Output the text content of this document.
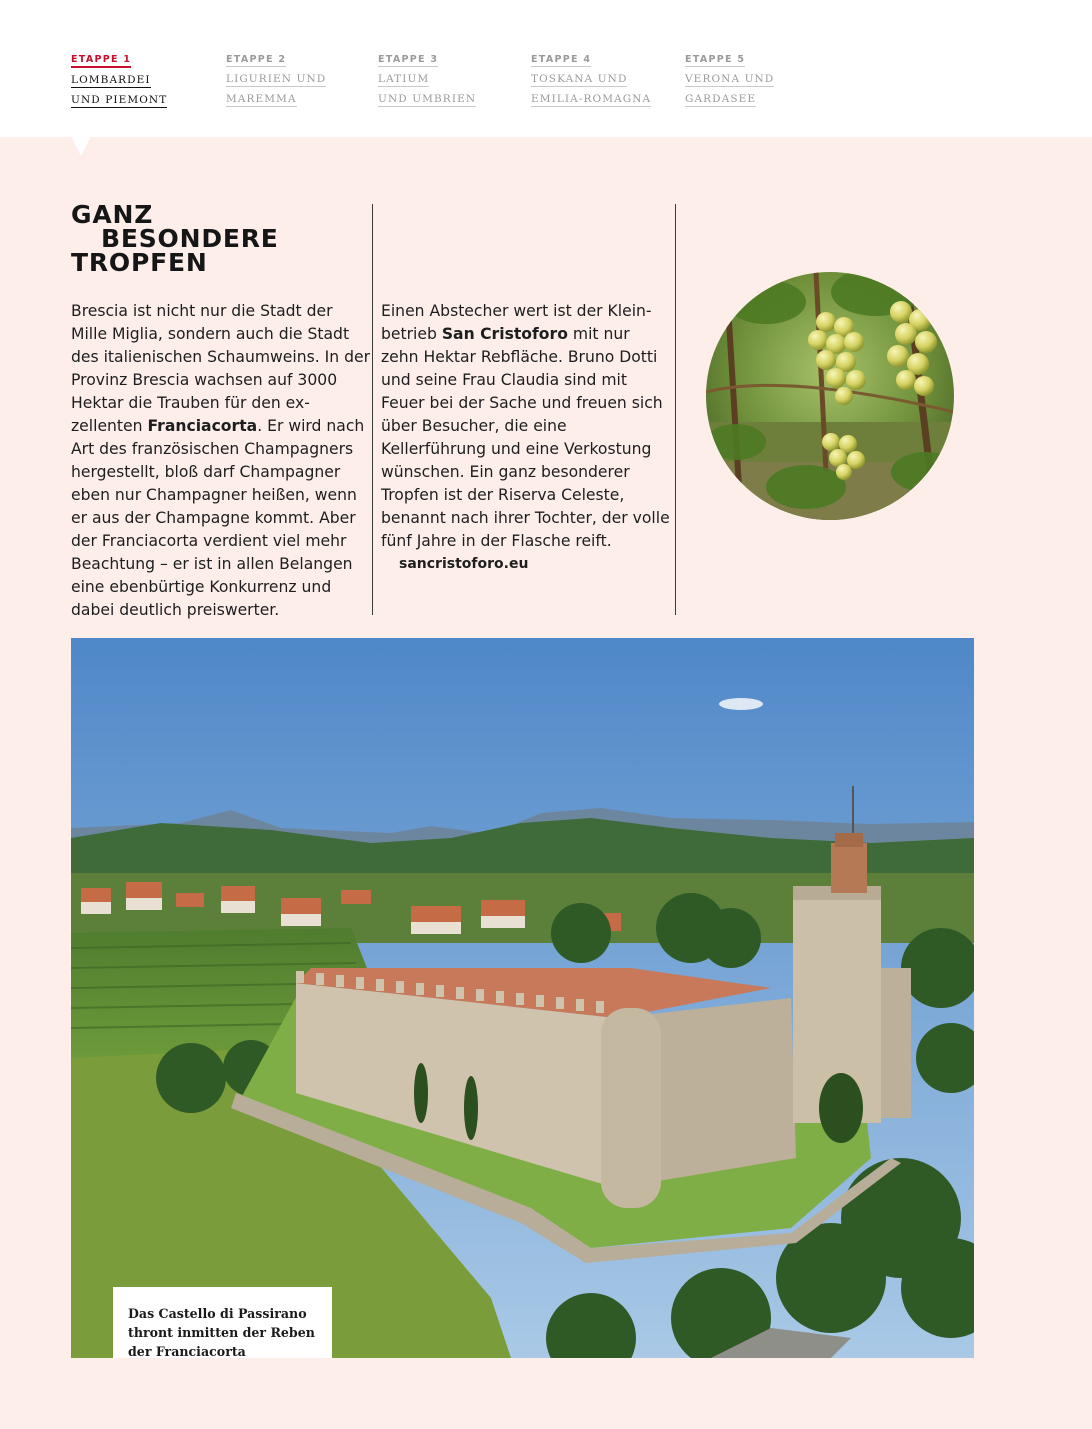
ETAPPE 1
LOMBARDEI
UND PIEMONT
ETAPPE 2
LIGURIEN UND
MAREMMA
ETAPPE 3
LATIUM
UND UMBRIEN
ETAPPE 4
TOSKANA UND
EMILIA-ROMAGNA
ETAPPE 5
VERONA UND
GARDASEE
GANZ
BESONDERE
TROPFEN
Brescia ist nicht nur die Stadt der Mille Miglia, sondern auch die Stadt des italienischen Schaumweins. In der Provinz Brescia wachsen auf 3000 Hektar die Trauben für den exzellenten Franciacorta. Er wird nach Art des französischen Champagners hergestellt, bloß darf Champagner eben nur Champagner heißen, wenn er aus der Champagne kommt. Aber der Franciacorta verdient viel mehr Beachtung – er ist in allen Belangen eine ebenbürtige Konkurrenz und dabei deutlich preiswerter.
Einen Abstecher wert ist der Kleinbetrieb San Cristoforo mit nur zehn Hektar Rebfläche. Bruno Dotti und seine Frau Claudia sind mit Feuer bei der Sache und freuen sich über Besucher, die eine Kellerführung und eine Verkostung wünschen. Ein ganz besonderer Tropfen ist der Riserva Celeste, benannt nach ihrer Tochter, der volle fünf Jahre in der Flasche reift.
sancristoforo.eu
Das Castello di Passirano
thront inmitten der Reben
der Franciacorta
